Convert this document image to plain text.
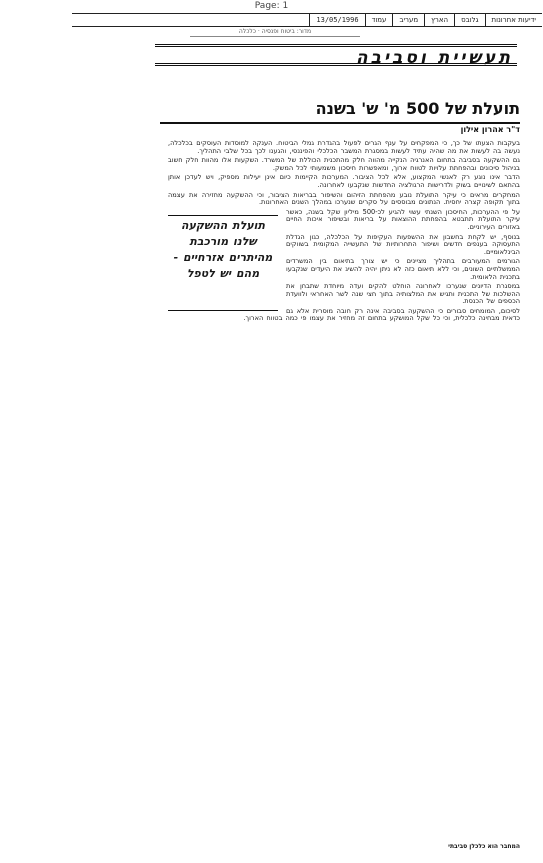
Page: 1
ידיעות אחרונותגלובסהארץמעריבעמוד13/05/1996
מדור: ביטוח ופנסיה · כלכלה
תעשיית וסביבה
תועלת של 500 מ' ש' בשנה
ד"ר אהרון אילון

בעקבות הצעתו של כך, כי המפקחים על ענף הגרים לפעול בהגדרת גמלי הביטוח. הענקה למוסדות העוסקים בכלכלה, נעשה בה לעשות את מה שהיה עתיד לעשות במסגרת המשבר הכלכלי והפיננסי, והגענו לכך בכל שלבי התהליך.

גם ההשקעה בסביבה בתחום האנרגיה הנקייה מהווה חלק מהתכנית הכוללת של המשרד. השקעות אלו מהוות חלק חשוב בניהול סיכונים ובהפחתת עלויות לטווח ארוך, ומאפשרות חיסכון משמעותי לכל המשק.

הדבר אינו נוגע רק לאנשי המקצוע, אלא לכל הציבור. המערכות הקיימות כיום אינן יעילות מספיק, ויש לעדכן אותן בהתאם לשינויים בשוק ולדרישות הרגולציה החדשות שנקבעו לאחרונה.

המחקרים מראים כי עיקר התועלת נובע מהפחתת הזיהום והשיפור בבריאות הציבור, וכי ההשקעה מחזירה את עצמה בתוך תקופה קצרה יחסית. הנתונים מבוססים על סקרים שנערכו במהלך השנים האחרונות.

תועלת ההשקעה שלנו מורכבת מהיתרים אזרחיים - מהם יש לטפל

על פי ההערכות, החיסכון השנתי עשוי להגיע לכ-500 מיליון שקל בשנה, כאשר עיקר התועלת תתבטא בהפחתת ההוצאות על בריאות ובשיפור איכות החיים באזורים העירוניים.

בנוסף, יש לקחת בחשבון את ההשפעות העקיפות על הכלכלה, כגון הגדלת התעסוקה בענפים חדשים ושיפור התחרותיות של התעשייה המקומית בשווקים הבינלאומיים.

הגורמים המעורבים בתהליך מציינים כי יש צורך בתיאום בין המשרדים הממשלתיים השונים, וכי ללא תיאום כזה לא ניתן יהיה להשיג את היעדים שנקבעו בתכנית הלאומית.

במסגרת הדיונים שנערכו לאחרונה הוחלט להקים ועדה מיוחדת שתבחן את ההשלכות של התכנית ותגיש את המלצותיה בתוך חצי שנה לשר האחראי ולוועדת הכספים של הכנסת.

לסיכום, המומחים סבורים כי ההשקעה בסביבה אינה רק חובה מוסרית אלא גם כדאית מבחינה כלכלית, וכי כל שקל המושקע בתחום זה מחזיר את עצמו פי כמה בטווח הארוך.

המחבר הוא כלכלן סביבתי
